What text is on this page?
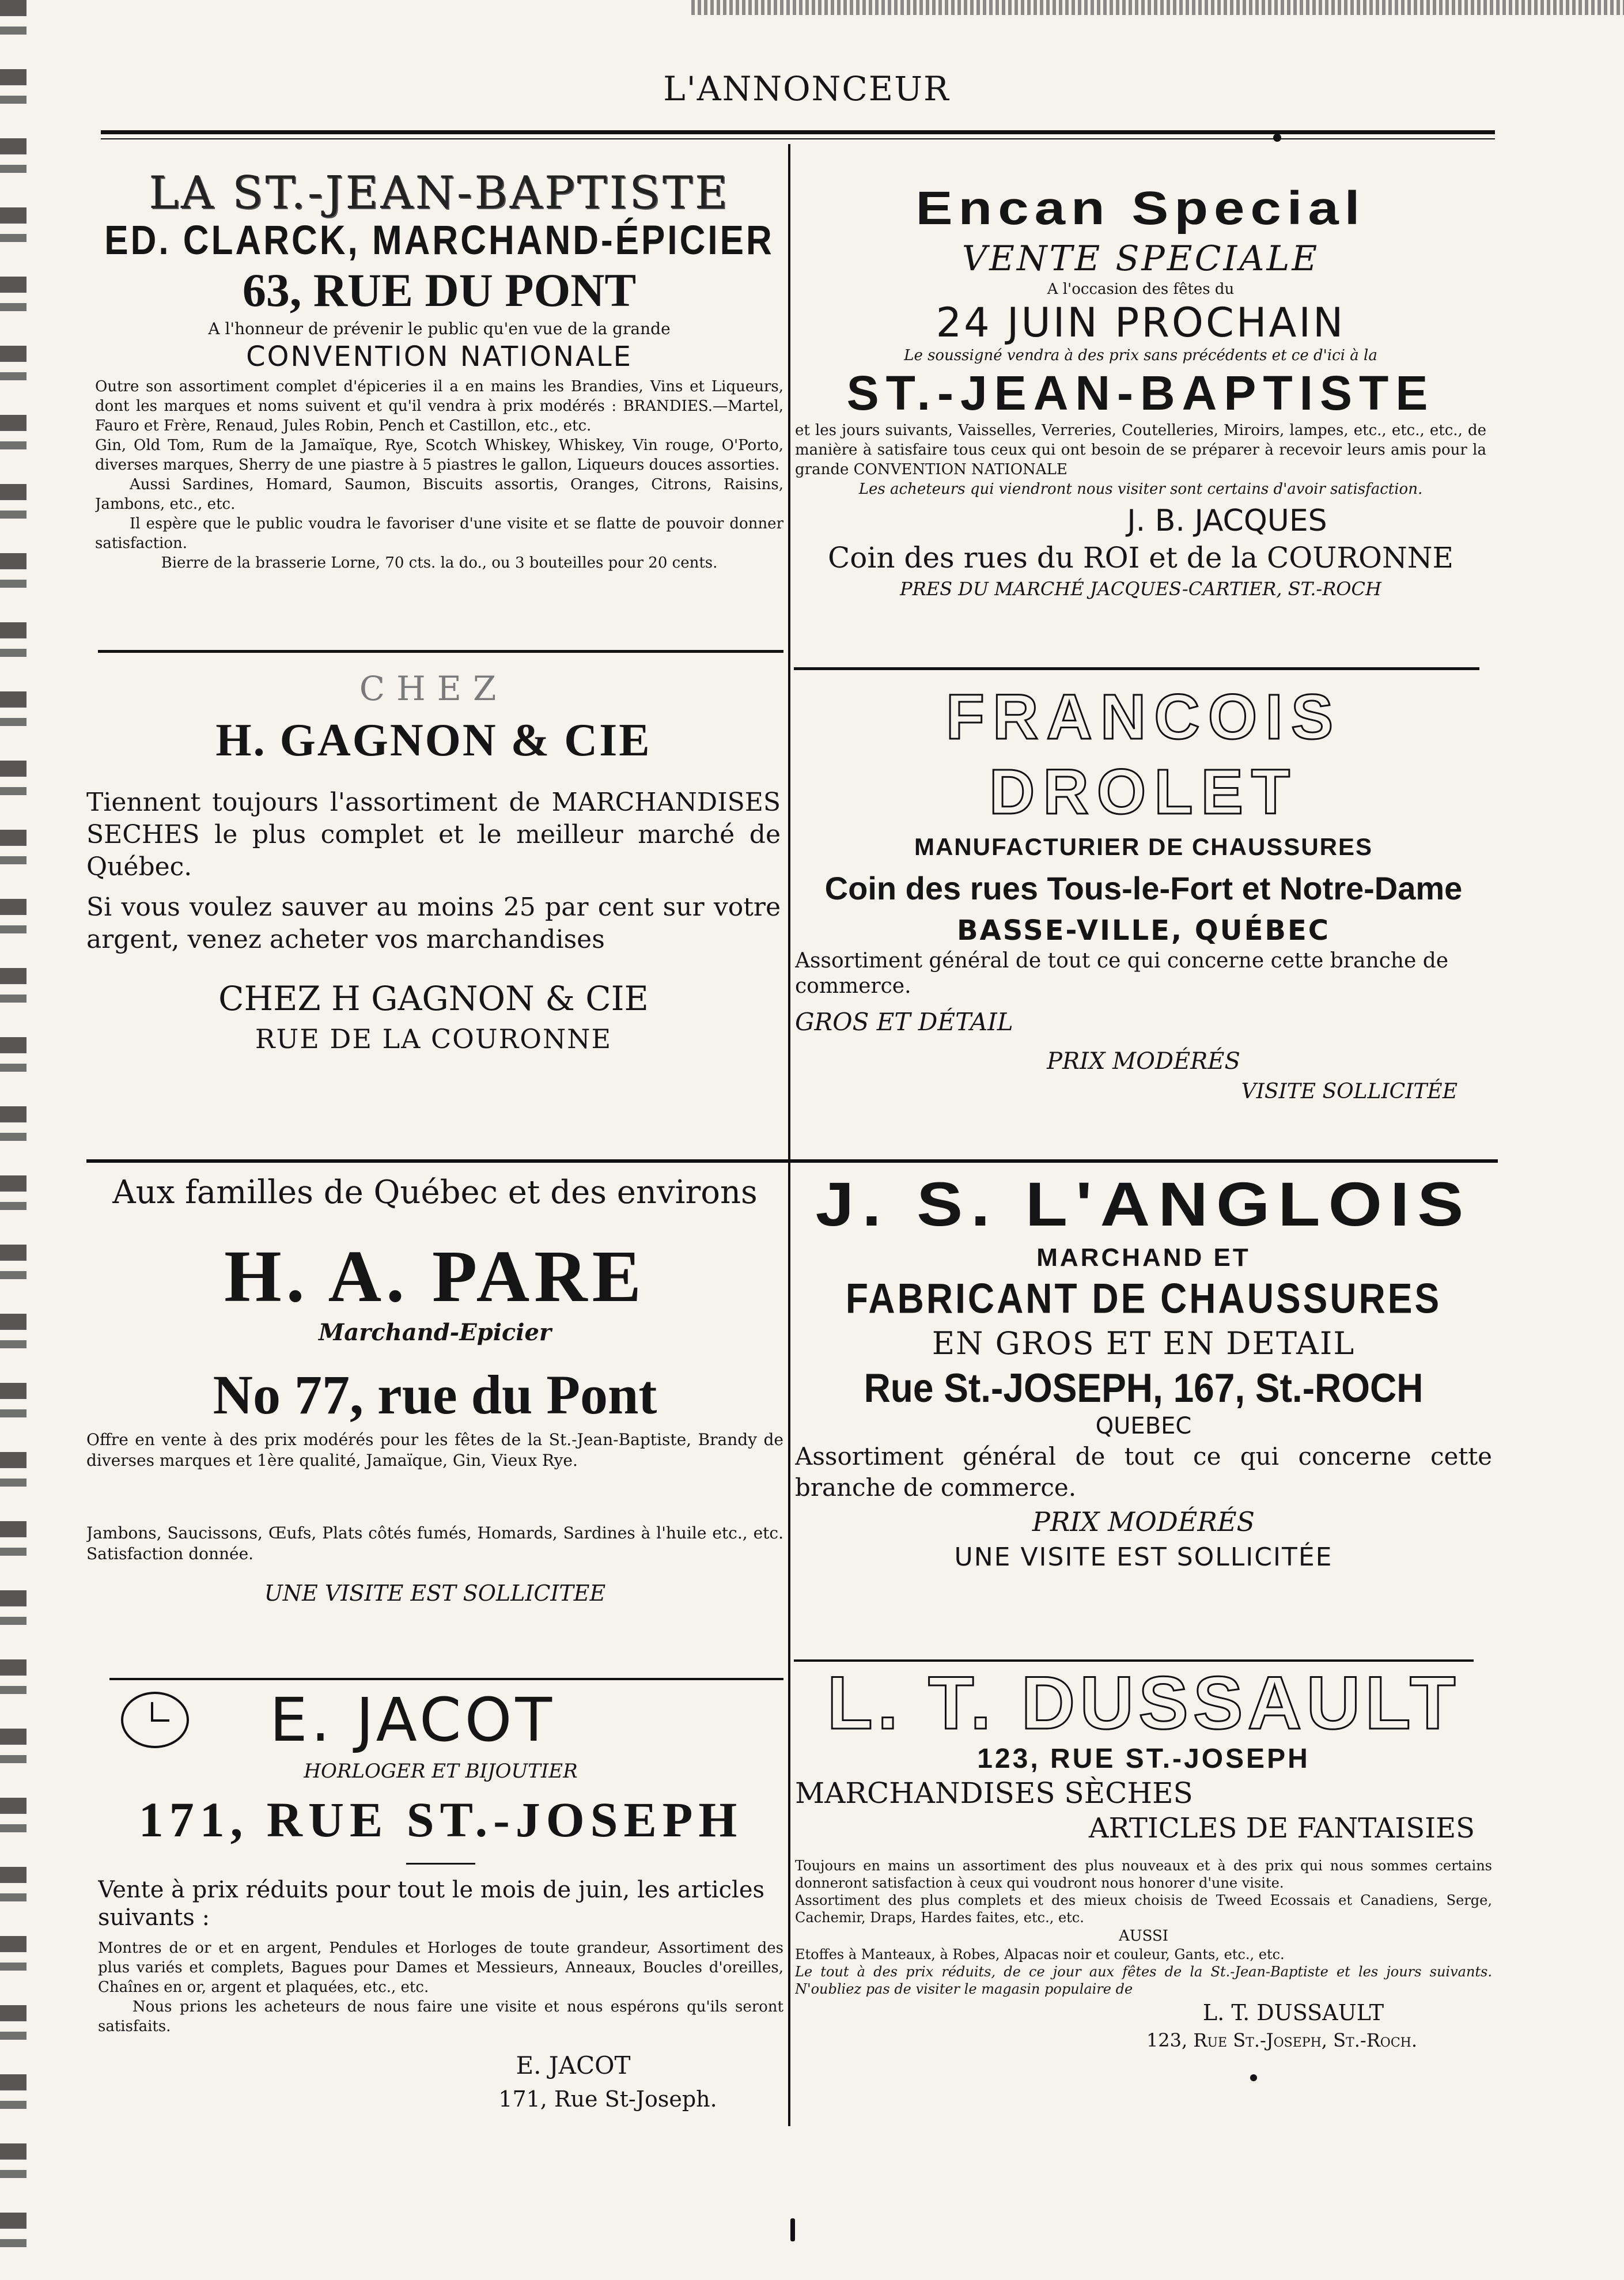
L'ANNONCEUR

LA ST.-JEAN-BAPTISTE

ED. CLARCK, MARCHAND-ÉPICIER

63, RUE DU PONT

A l'honneur de prévenir le public qu'en vue de la grande

CONVENTION NATIONALE

Outre son assortiment complet d'épiceries il a en mains les Brandies, Vins et Liqueurs, dont les marques et noms suivent et qu'il vendra à prix modérés : BRANDIES.—Martel, Fauro et Frère, Renaud, Jules Robin, Pench et Castillon, etc., etc.

Gin, Old Tom, Rum de la Jamaïque, Rye, Scotch Whiskey, Whiskey, Vin rouge, O'Porto, diverses marques, Sherry de une piastre à 5 piastres le gallon, Liqueurs douces assorties.

Aussi Sardines, Homard, Saumon, Biscuits assortis, Oranges, Citrons, Raisins, Jambons, etc., etc.

Il espère que le public voudra le favoriser d'une visite et se flatte de pouvoir donner satisfaction.

Bierre de la brasserie Lorne, 70 cts. la do., ou 3 bouteilles pour 20 cents.

Encan Special

VENTE SPECIALE

A l'occasion des fêtes du

24 JUIN PROCHAIN

Le soussigné vendra à des prix sans précédents et ce d'ici à la

ST.-JEAN-BAPTISTE

et les jours suivants, Vaisselles, Verreries, Coutelleries, Miroirs, lampes, etc., etc., etc., de manière à satisfaire tous ceux qui ont besoin de se préparer à recevoir leurs amis pour la grande CONVENTION NATIONALE

Les acheteurs qui viendront nous visiter sont certains d'avoir satisfaction.

J. B. JACQUES

Coin des rues du ROI et de la COURONNE

PRES DU MARCHÉ JACQUES-CARTIER, ST.-ROCH

CHEZ

H. GAGNON & CIE

Tiennent toujours l'assortiment de MARCHANDISES SECHES le plus complet et le meilleur marché de Québec.

Si vous voulez sauver au moins 25 par cent sur votre argent, venez acheter vos marchandises

CHEZ H GAGNON & CIE

RUE DE LA COURONNE

FRANCOIS DROLET

MANUFACTURIER DE CHAUSSURES

Coin des rues Tous-le-Fort et Notre-Dame

BASSE-VILLE, QUÉBEC

Assortiment général de tout ce qui concerne cette branche de commerce.

GROS ET DÉTAIL

PRIX MODÉRÉS

VISITE SOLLICITÉE

Aux familles de Québec et des environs

H. A. PARE

Marchand-Epicier

No 77, rue du Pont

Offre en vente à des prix modérés pour les fêtes de la St.-Jean-Baptiste, Brandy de diverses marques et 1ère qualité, Jamaïque, Gin, Vieux Rye.

Jambons, Saucissons, Œufs, Plats côtés fumés, Homards, Sardines à l'huile etc., etc. Satisfaction donnée.

UNE VISITE EST SOLLICITEE

J. S. L'ANGLOIS

MARCHAND ET

FABRICANT DE CHAUSSURES

EN GROS ET EN DETAIL

Rue St.-JOSEPH, 167, St.-ROCH

QUEBEC

Assortiment général de tout ce qui concerne cette branche de commerce.

PRIX MODÉRÉS

UNE VISITE EST SOLLICITÉE

E. JACOT

HORLOGER ET BIJOUTIER

171, RUE ST.-JOSEPH

Vente à prix réduits pour tout le mois de juin, les articles suivants :

Montres de or et en argent, Pendules et Horloges de toute grandeur, Assortiment des plus variés et complets, Bagues pour Dames et Messieurs, Anneaux, Boucles d'oreilles, Chaînes en or, argent et plaquées, etc., etc.

Nous prions les acheteurs de nous faire une visite et nous espérons qu'ils seront satisfaits.

E. JACOT

171, Rue St-Joseph.

L. T. DUSSAULT

123, RUE ST.-JOSEPH

MARCHANDISES SÈCHES

ARTICLES DE FANTAISIES

Toujours en mains un assortiment des plus nouveaux et à des prix qui nous sommes certains donneront satisfaction à ceux qui voudront nous honorer d'une visite.

Assortiment des plus complets et des mieux choisis de Tweed Ecossais et Canadiens, Serge, Cachemir, Draps, Hardes faites, etc., etc.

AUSSI

Etoffes à Manteaux, à Robes, Alpacas noir et couleur, Gants, etc., etc.

Le tout à des prix réduits, de ce jour aux fêtes de la St.-Jean-Baptiste et les jours suivants. N'oubliez pas de visiter le magasin populaire de

L. T. DUSSAULT

123, Rue St.-Joseph, St.-Roch.
